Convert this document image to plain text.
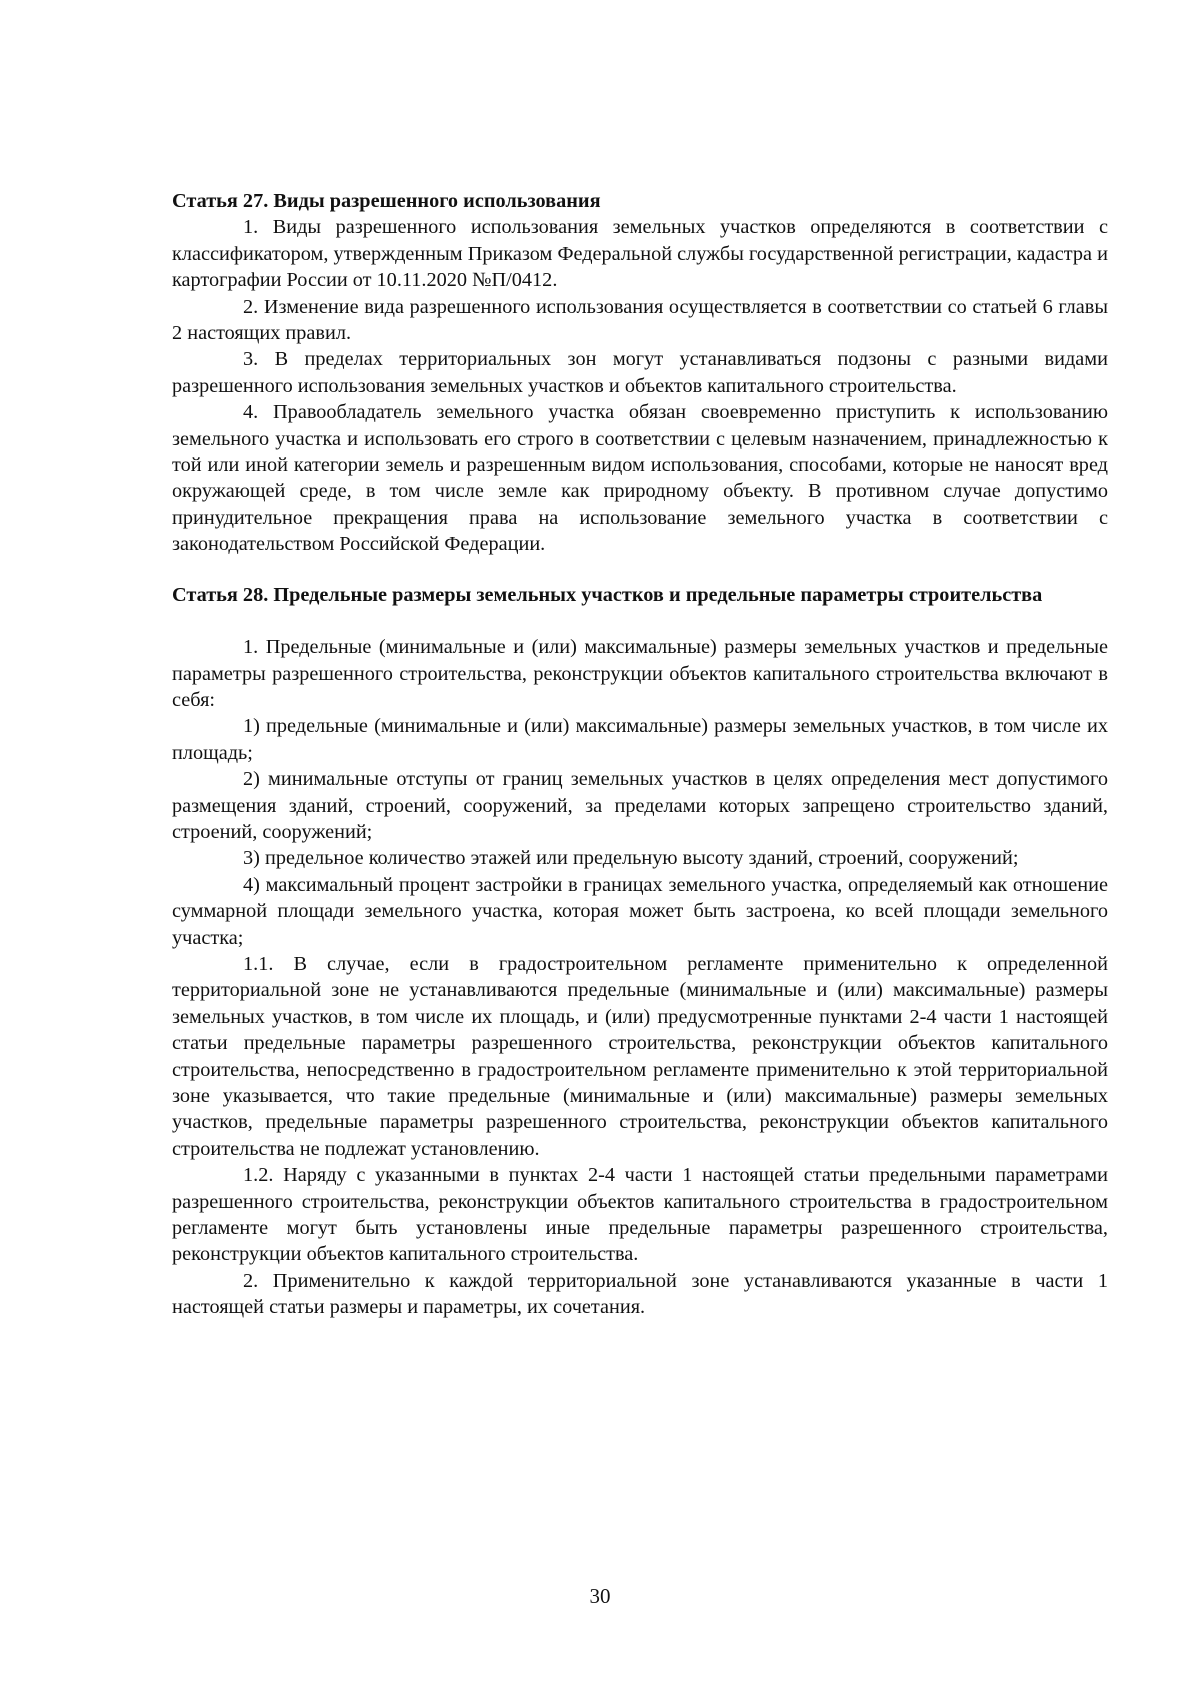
Статья 27. Виды разрешенного использования

1. Виды разрешенного использования земельных участков определяются в соответствии с классификатором, утвержденным Приказом Федеральной службы государственной регистрации, кадастра и картографии России от 10.11.2020 №П/0412.

2. Изменение вида разрешенного использования осуществляется в соответствии со статьей 6 главы 2 настоящих правил.

3. В пределах территориальных зон могут устанавливаться подзоны с разными видами разрешенного использования земельных участков и объектов капитального строительства.

4. Правообладатель земельного участка обязан своевременно приступить к использованию земельного участка и использовать его строго в соответствии с целевым назначением, принадлежностью к той или иной категории земель и разрешенным видом использования, способами, которые не наносят вред окружающей среде, в том числе земле как природному объекту. В противном случае допустимо принудительное прекращения права на использование земельного участка в соответствии с законодательством Российской Федерации.

Статья 28. Предельные размеры земельных участков и предельные параметры строительства

1. Предельные (минимальные и (или) максимальные) размеры земельных участков и предельные параметры разрешенного строительства, реконструкции объектов капитального строительства включают в себя:

1) предельные (минимальные и (или) максимальные) размеры земельных участков, в том числе их площадь;

2) минимальные отступы от границ земельных участков в целях определения мест допустимого размещения зданий, строений, сооружений, за пределами которых запрещено строительство зданий, строений, сооружений;

3) предельное количество этажей или предельную высоту зданий, строений, сооружений;

4) максимальный процент застройки в границах земельного участка, определяемый как отношение суммарной площади земельного участка, которая может быть застроена, ко всей площади земельного участка;

1.1. В случае, если в градостроительном регламенте применительно к определенной территориальной зоне не устанавливаются предельные (минимальные и (или) максимальные) размеры земельных участков, в том числе их площадь, и (или) предусмотренные пунктами 2-4 части 1 настоящей статьи предельные параметры разрешенного строительства, реконструкции объектов капитального строительства, непосредственно в градостроительном регламенте применительно к этой территориальной зоне указывается, что такие предельные (минимальные и (или) максимальные) размеры земельных участков, предельные параметры разрешенного строительства, реконструкции объектов капитального строительства не подлежат установлению.

1.2. Наряду с указанными в пунктах 2-4 части 1 настоящей статьи предельными параметрами разрешенного строительства, реконструкции объектов капитального строительства в градостроительном регламенте могут быть установлены иные предельные параметры разрешенного строительства, реконструкции объектов капитального строительства.

2. Применительно к каждой территориальной зоне устанавливаются указанные в части 1 настоящей статьи размеры и параметры, их сочетания.

30
